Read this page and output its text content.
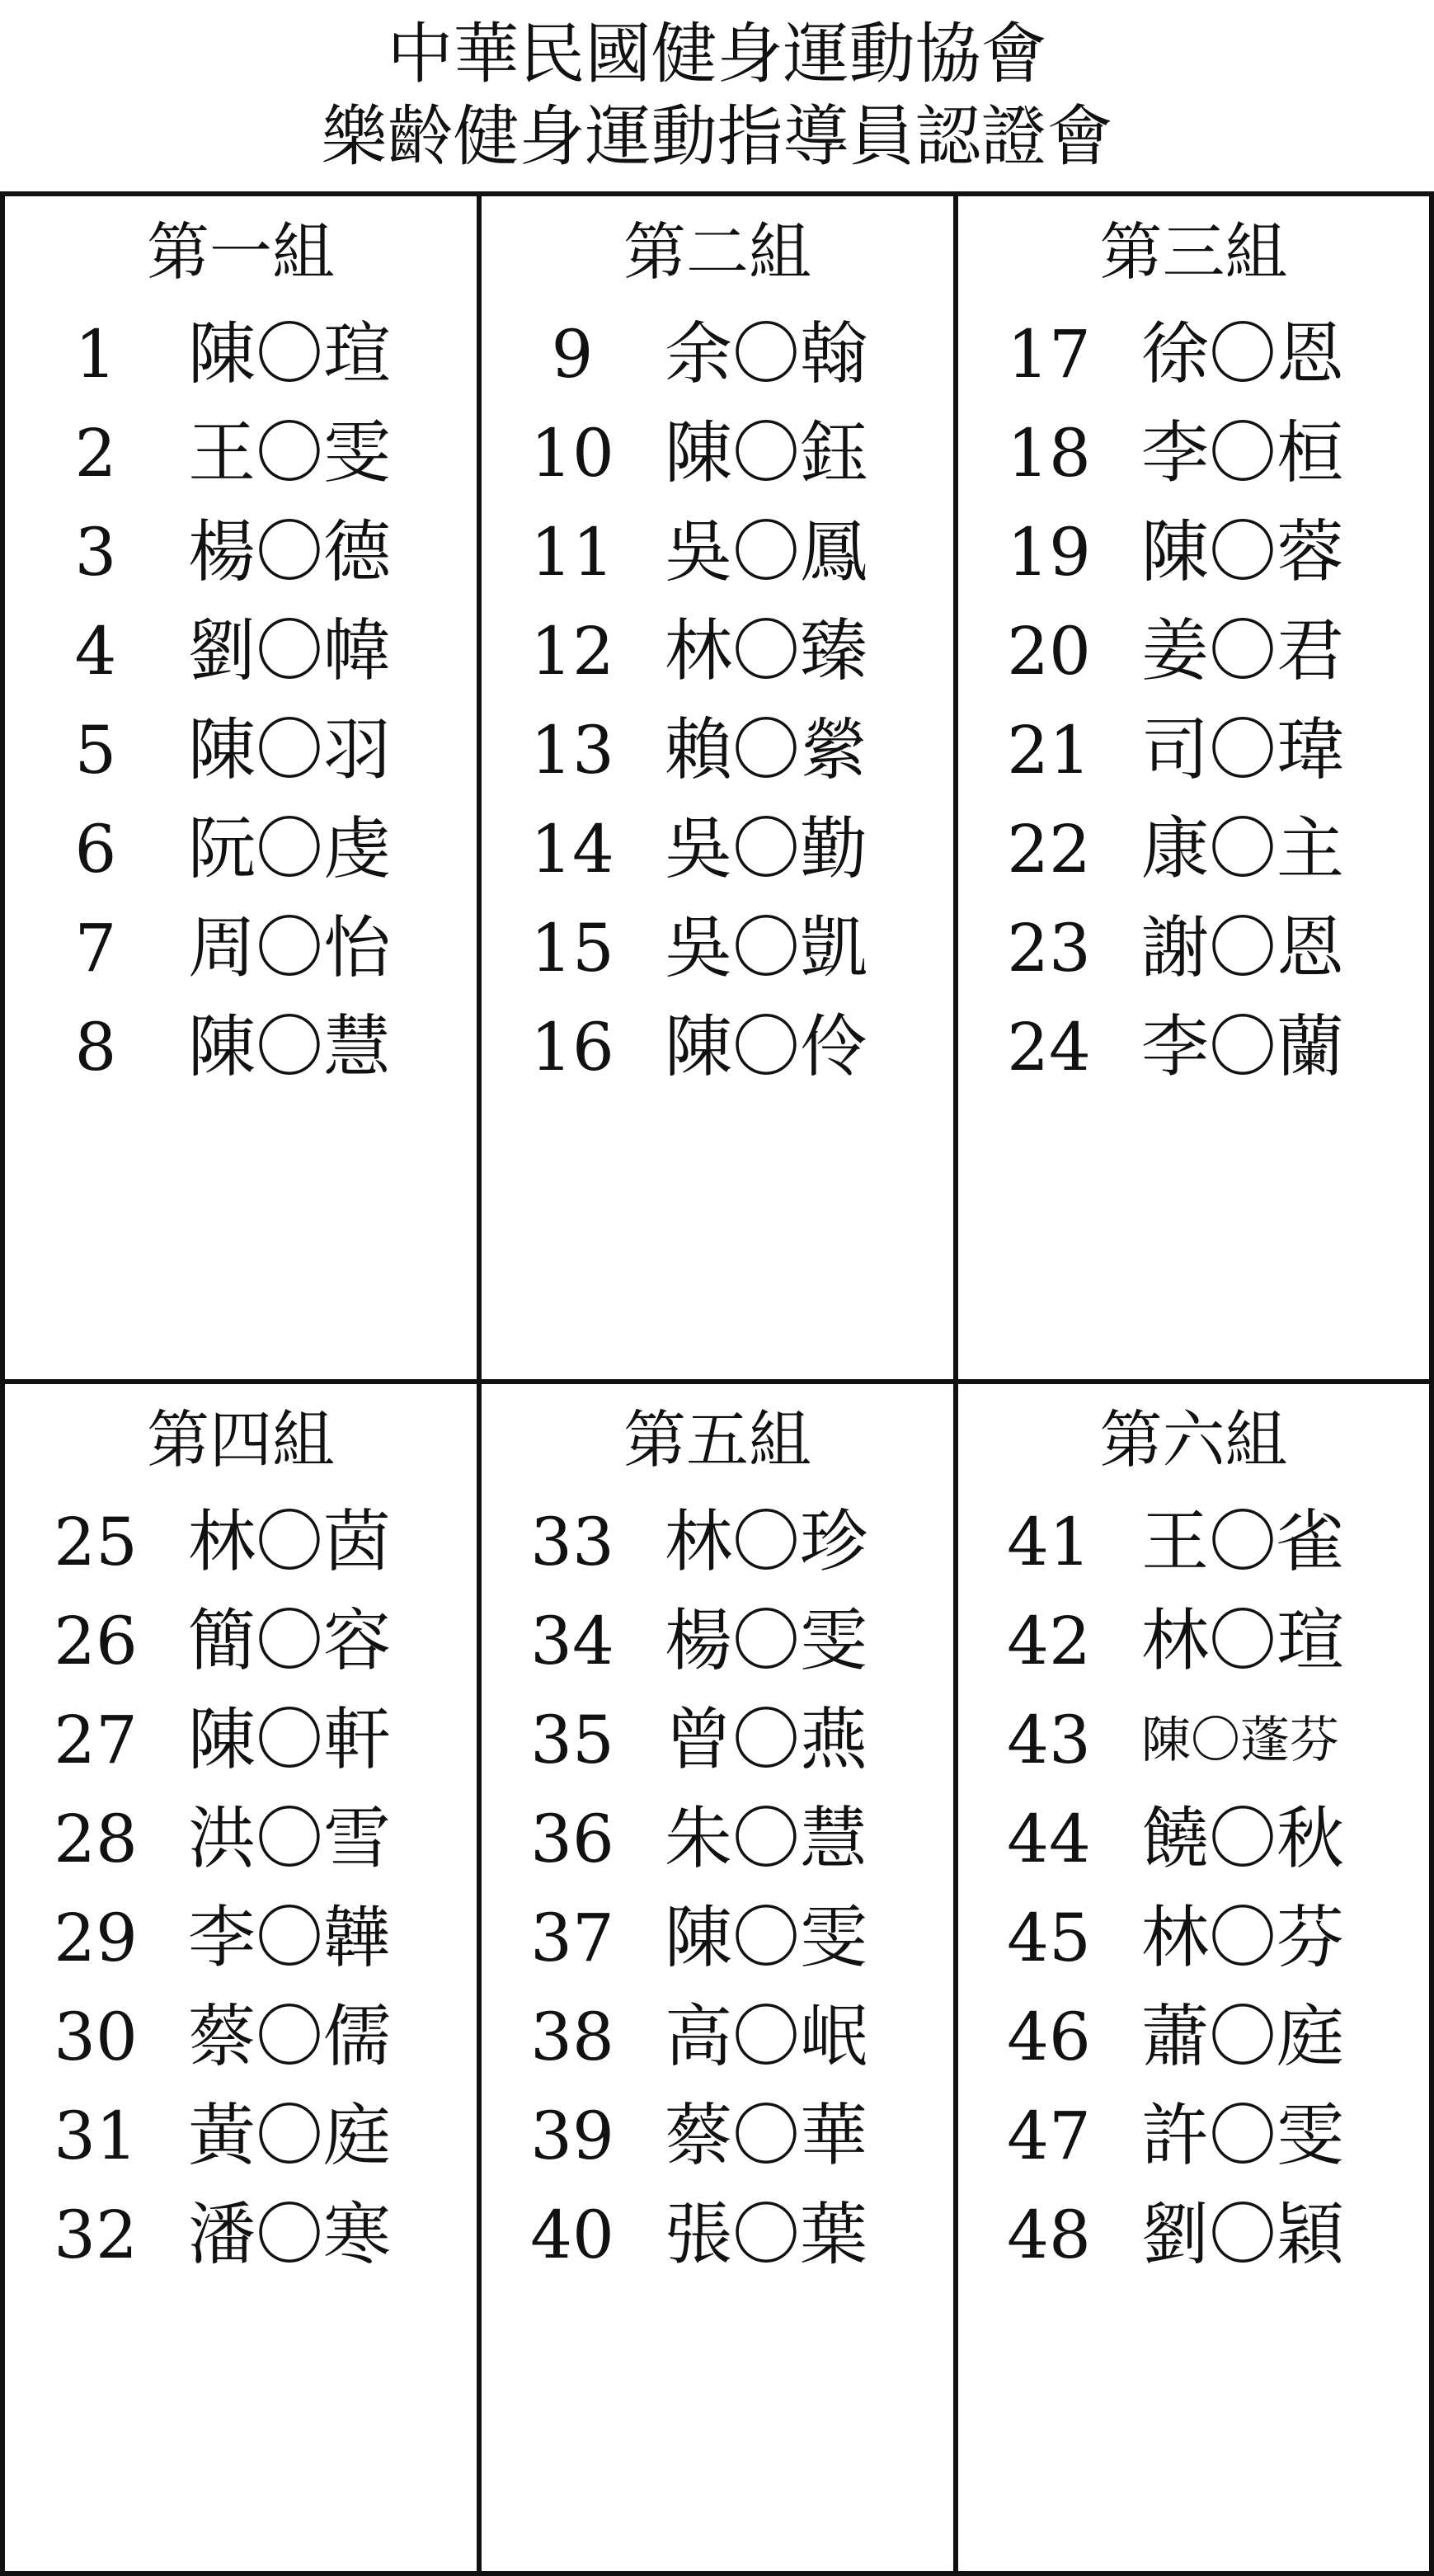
中華民國健身運動協會
樂齡健身運動指導員認證會
第一組
1	陳〇瑄
2	王〇雯
3	楊〇德
4	劉〇幃
5	陳〇羽
6	阮〇虔
7	周〇怡
8	陳〇慧
第二組
9	余〇翰
10 陳〇鈺
11 吳〇鳳
12 林〇臻
13 賴〇縈
14 吳〇勤
15 吳〇凱
16 陳〇伶
第三組
17 徐〇恩
18 李〇桓
19 陳〇蓉
20 姜〇君
21 司〇瑋
22 康〇主
23 謝〇恩
24 李〇蘭
第四組
25 林〇茵
26 簡〇容
27 陳〇軒
28 洪〇雪
29 李〇韡
30 蔡〇儒
31 黃〇庭
32 潘〇寒
第五組
33 林〇珍
34 楊〇雯
35 曾〇燕
36 朱〇慧
37 陳〇雯
38 高〇岷
39 蔡〇華
40 張〇葉
第六組
41 王〇雀
42 林〇瑄
43 陳〇蓬芬
44 饒〇秋
45 林〇芬
46 蕭〇庭
47 許〇雯
48 劉〇穎
